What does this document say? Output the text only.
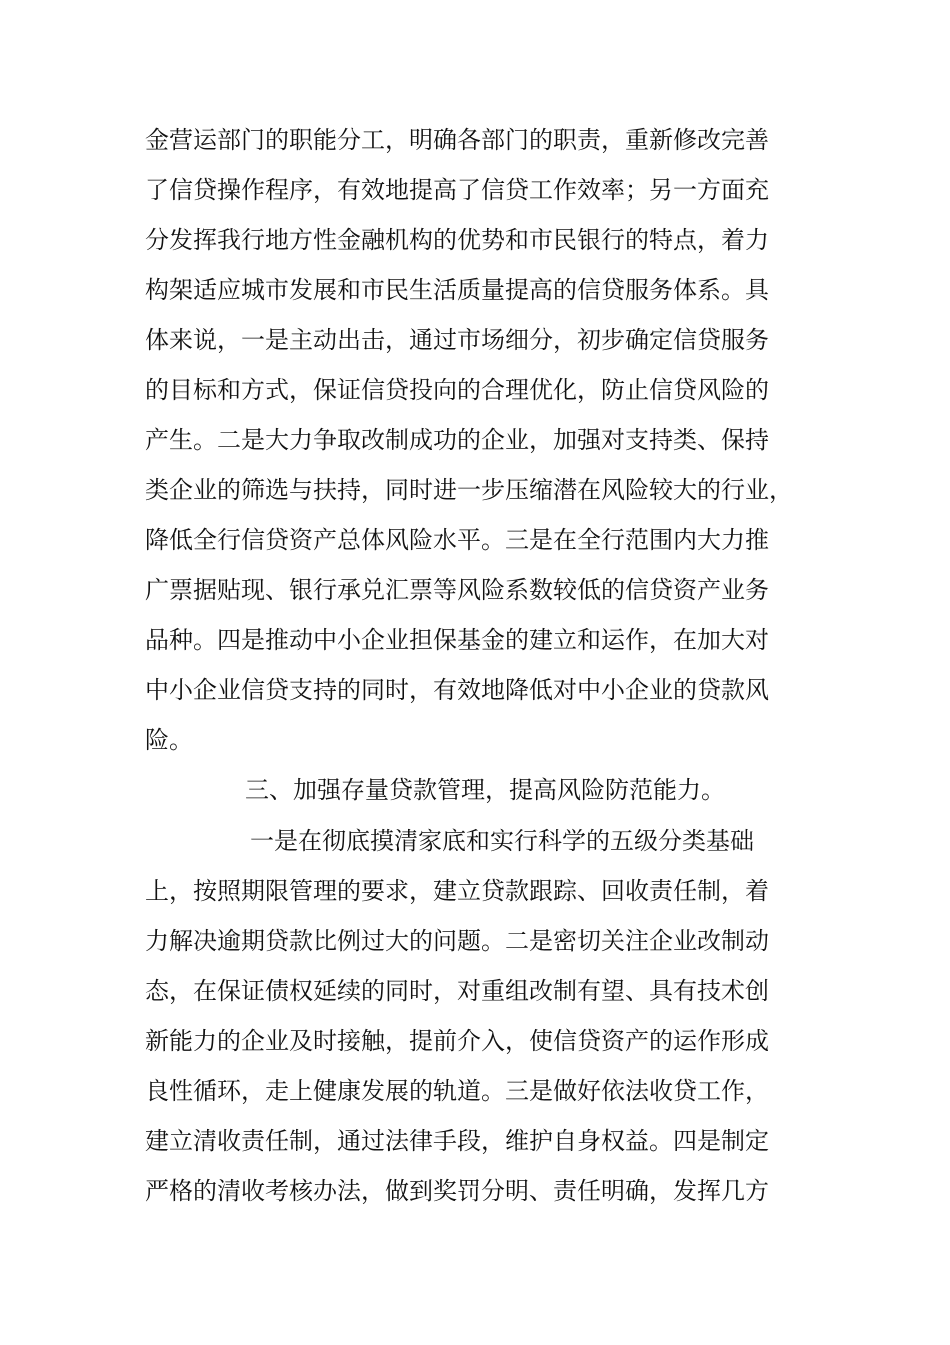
金营运部门的职能分工，明确各部门的职责，重新修改完善
了信贷操作程序，有效地提高了信贷工作效率；另一方面充
分发挥我行地方性金融机构的优势和市民银行的特点，着力
构架适应城市发展和市民生活质量提高的信贷服务体系。具
体来说，一是主动出击，通过市场细分，初步确定信贷服务
的目标和方式，保证信贷投向的合理优化，防止信贷风险的
产生。二是大力争取改制成功的企业，加强对支持类、保持
类企业的筛选与扶持，同时进一步压缩潜在风险较大的行业，
降低全行信贷资产总体风险水平。三是在全行范围内大力推
广票据贴现、银行承兑汇票等风险系数较低的信贷资产业务
品种。四是推动中小企业担保基金的建立和运作，在加大对
中小企业信贷支持的同时，有效地降低对中小企业的贷款风
险。
三、加强存量贷款管理，提高风险防范能力。
一是在彻底摸清家底和实行科学的五级分类基础
上，按照期限管理的要求，建立贷款跟踪、回收责任制，着
力解决逾期贷款比例过大的问题。二是密切关注企业改制动
态，在保证债权延续的同时，对重组改制有望、具有技术创
新能力的企业及时接触，提前介入，使信贷资产的运作形成
良性循环，走上健康发展的轨道。三是做好依法收贷工作，
建立清收责任制，通过法律手段，维护自身权益。四是制定
严格的清收考核办法，做到奖罚分明、责任明确，发挥几方
